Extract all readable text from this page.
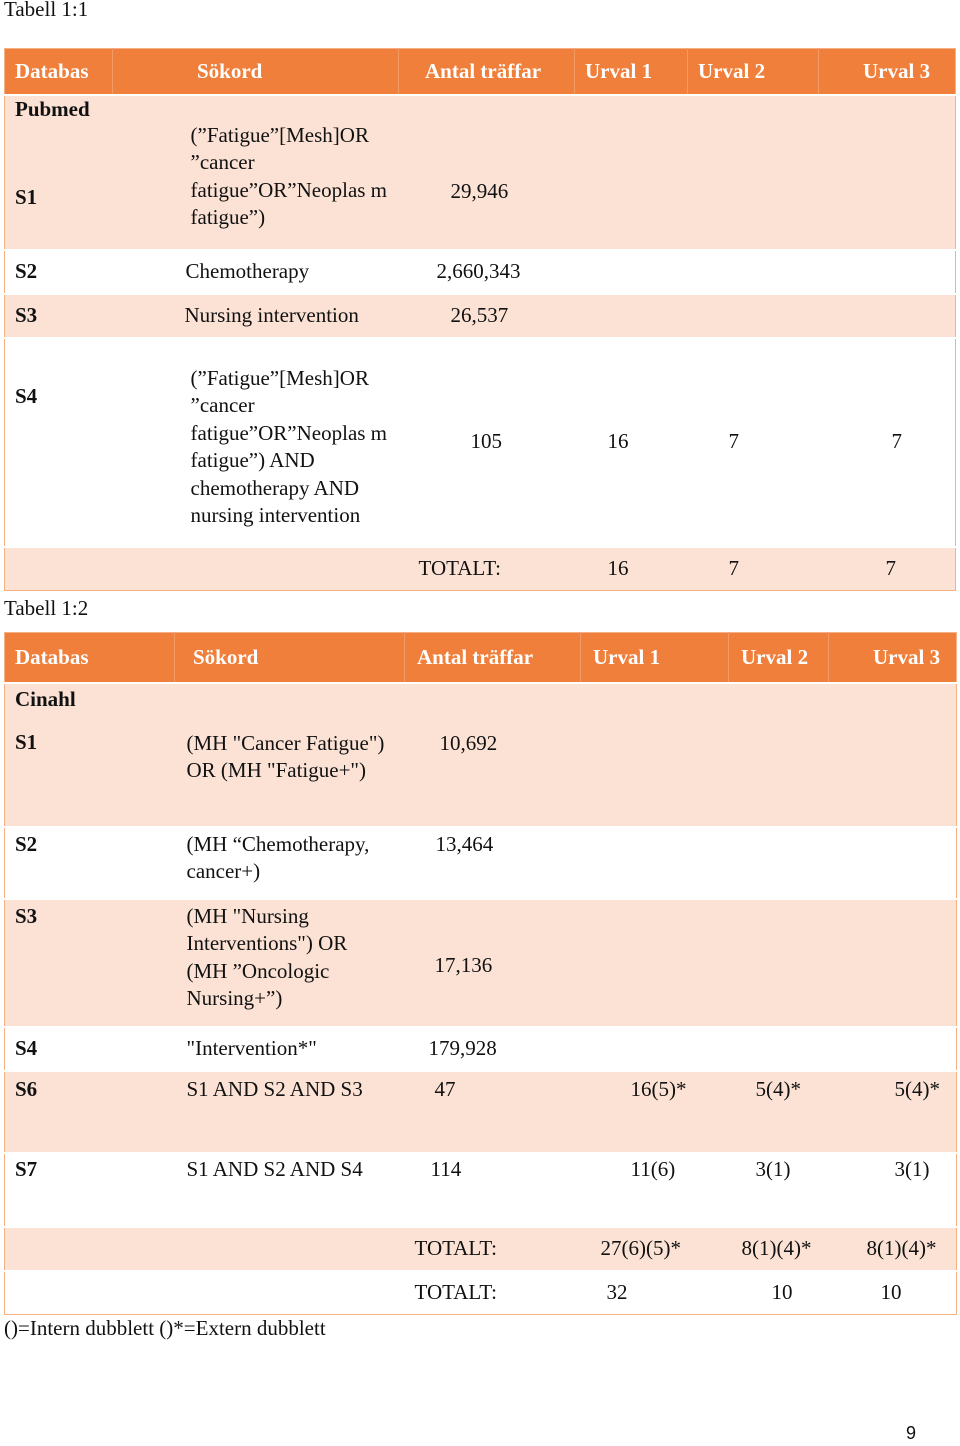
Tabell 1:1
Databas	Sökord	Antal träffar	Urval 1	Urval 2	Urval 3

Pubmed
S1	(”Fatigue”[Mesh]OR ”cancer fatigue”OR”Neoplas m fatigue”)	29,946			
S2	Chemotherapy	2,660,343			
S3	Nursing intervention	26,537			
S4	(”Fatigue”[Mesh]OR ”cancer fatigue”OR”Neoplas m fatigue”) AND chemotherapy AND nursing intervention	105	16	7	7
		TOTALT:	16	7	7
Tabell 1:2
Databas	Sökord	Antal träffar	Urval 1	Urval 2	Urval 3

Cinahl
S1	(MH "Cancer Fatigue") OR (MH "Fatigue+")	10,692			
S2	(MH “Chemotherapy, cancer+)	13,464			
S3	(MH "Nursing Interventions") OR (MH ”Oncologic Nursing+”)	17,136			
S4	"Intervention*"	179,928			
S6	S1 AND S2 AND S3	47	16(5)*	5(4)*	5(4)*
S7	S1 AND S2 AND S4	114	11(6)	3(1)	3(1)
		TOTALT:	27(6)(5)*	8(1)(4)*	8(1)(4)*
		TOTALT:	32	10	10
()=Intern dubblett ()*=Extern dubblett
9
